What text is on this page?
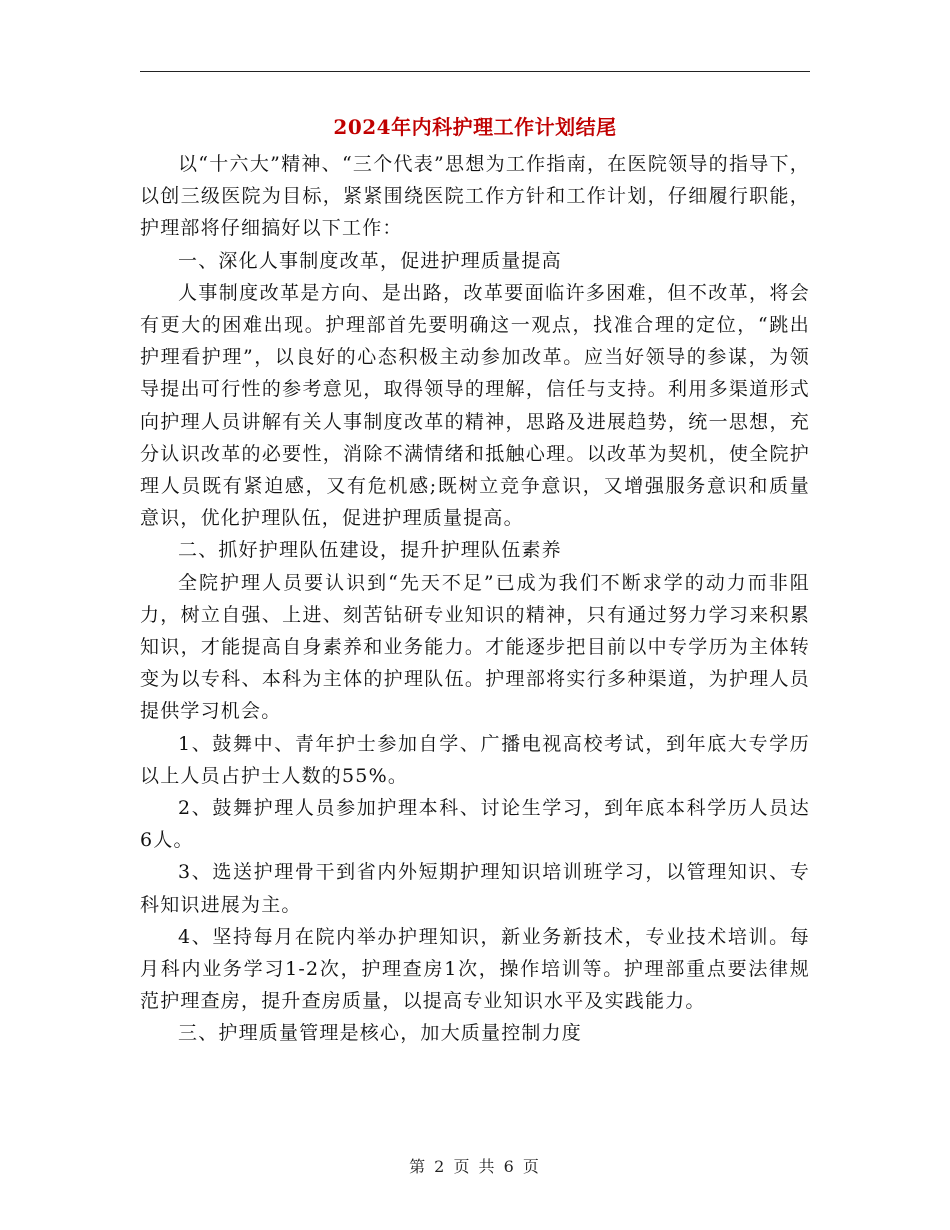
2024年内科护理工作计划结尾

以“十六大”精神、“三个代表”思想为工作指南，在医院领导的指导下，以创三级医院为目标，紧紧围绕医院工作方针和工作计划，仔细履行职能，护理部将仔细搞好以下工作：

一、深化人事制度改革，促进护理质量提高

人事制度改革是方向、是出路，改革要面临许多困难，但不改革，将会有更大的困难出现。护理部首先要明确这一观点，找准合理的定位，“跳出护理看护理”，以良好的心态积极主动参加改革。应当好领导的参谋，为领导提出可行性的参考意见，取得领导的理解，信任与支持。利用多渠道形式向护理人员讲解有关人事制度改革的精神，思路及进展趋势，统一思想，充分认识改革的必要性，消除不满情绪和抵触心理。以改革为契机，使全院护理人员既有紧迫感，又有危机感;既树立竞争意识，又增强服务意识和质量意识，优化护理队伍，促进护理质量提高。

二、抓好护理队伍建设，提升护理队伍素养

全院护理人员要认识到“先天不足”已成为我们不断求学的动力而非阻力，树立自强、上进、刻苦钻研专业知识的精神，只有通过努力学习来积累知识，才能提高自身素养和业务能力。才能逐步把目前以中专学历为主体转变为以专科、本科为主体的护理队伍。护理部将实行多种渠道，为护理人员提供学习机会。

1、鼓舞中、青年护士参加自学、广播电视高校考试，到年底大专学历以上人员占护士人数的55%。

2、鼓舞护理人员参加护理本科、讨论生学习，到年底本科学历人员达6人。

3、选送护理骨干到省内外短期护理知识培训班学习，以管理知识、专科知识进展为主。

4、坚持每月在院内举办护理知识，新业务新技术，专业技术培训。每月科内业务学习1-2次，护理查房1次，操作培训等。护理部重点要法律规范护理查房，提升查房质量，以提高专业知识水平及实践能力。

三、护理质量管理是核心，加大质量控制力度

第 2 页 共 6 页
